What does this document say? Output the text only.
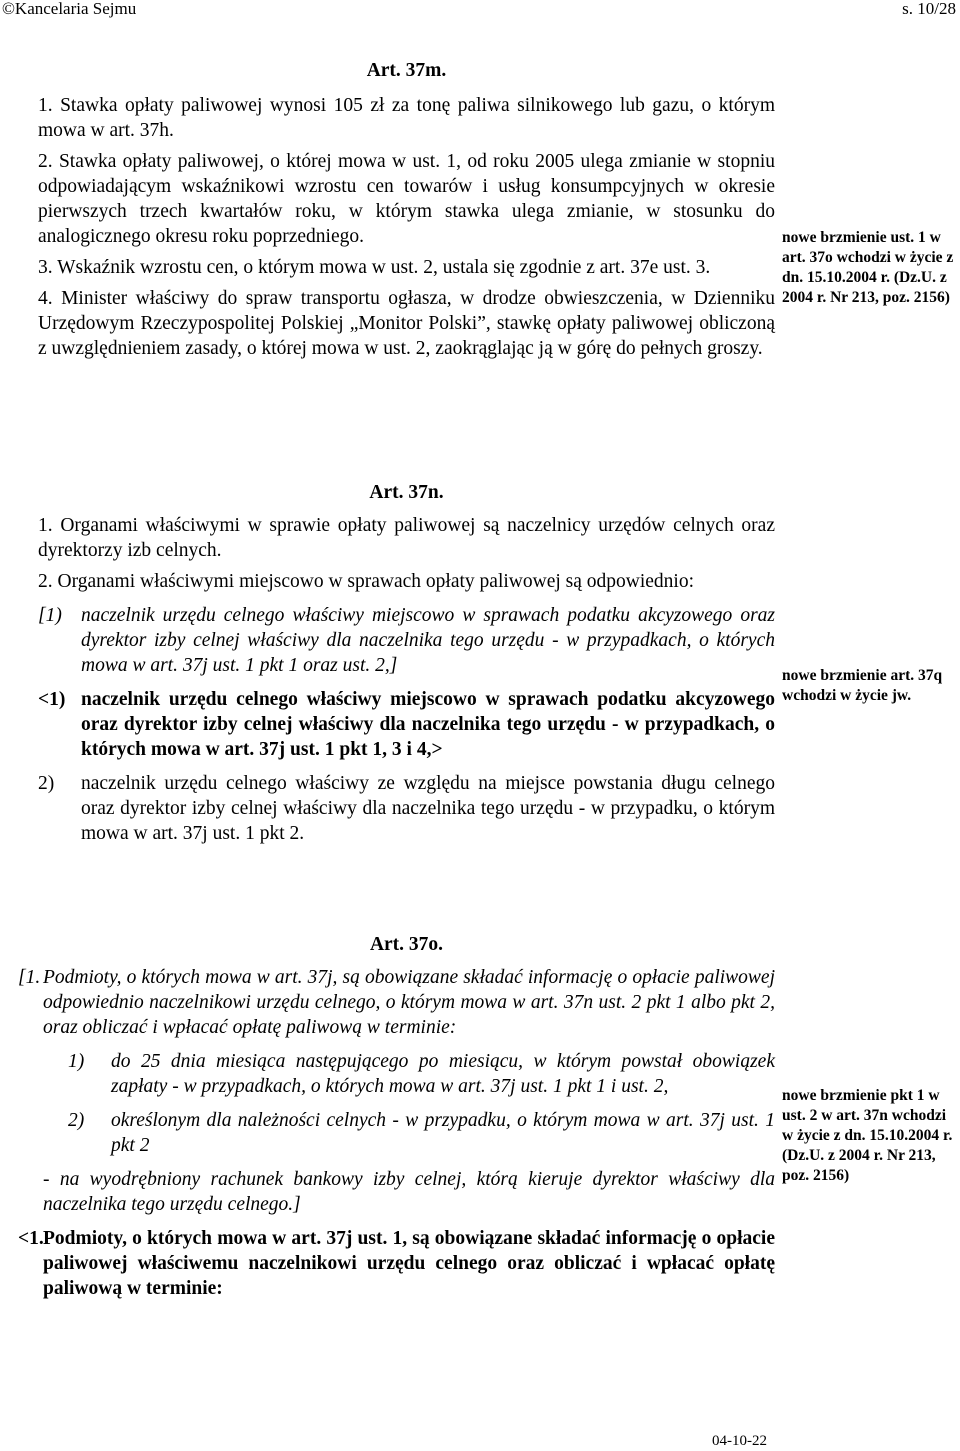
©Kancelaria Sejmu	s. 10/28
Art. 37m.

1. Stawka opłaty paliwowej wynosi 105 zł za tonę paliwa silnikowego lub gazu, o którym mowa w art. 37h.

2. Stawka opłaty paliwowej, o której mowa w ust. 1, od roku 2005 ulega zmianie w stopniu odpowiadającym wskaźnikowi wzrostu cen towarów i usług konsumpcyjnych w okresie pierwszych trzech kwartałów roku, w którym stawka ulega zmianie, w stosunku do analogicznego okresu roku poprzedniego.

3. Wskaźnik wzrostu cen, o którym mowa w ust. 2, ustala się zgodnie z art. 37e ust. 3.

4. Minister właściwy do spraw transportu ogłasza, w drodze obwieszczenia, w Dzienniku Urzędowym Rzeczypospolitej Polskiej „Monitor Polski”, stawkę opłaty paliwowej obliczoną z uwzględnieniem zasady, o której mowa w ust. 2, zaokrąglając ją w górę do pełnych groszy.

nowe brzmienie ust. 1 w art. 37o wchodzi w życie z dn. 15.10.2004 r. (Dz.U. z 2004 r. Nr 213, poz. 2156)
Art. 37n.

1. Organami właściwymi w sprawie opłaty paliwowej są naczelnicy urzędów celnych oraz dyrektorzy izb celnych.

2. Organami właściwymi miejscowo w sprawach opłaty paliwowej są odpowiednio:

[1) naczelnik urzędu celnego właściwy miejscowo w sprawach podatku akcyzowego oraz dyrektor izby celnej właściwy dla naczelnika tego urzędu - w przypadkach, o których mowa w art. 37j ust. 1 pkt 1 oraz ust. 2,]
<1) naczelnik urzędu celnego właściwy miejscowo w sprawach podatku akcyzowego oraz dyrektor izby celnej właściwy dla naczelnika tego urzędu - w przypadkach, o których mowa w art. 37j ust. 1 pkt 1, 3 i 4,>
2) naczelnik urzędu celnego właściwy ze względu na miejsce powstania długu celnego oraz dyrektor izby celnej właściwy dla naczelnika tego urzędu - w przypadku, o którym mowa w art. 37j ust. 1 pkt 2.
nowe brzmienie art. 37q wchodzi w życie jw.
Art. 37o.
[1. Podmioty, o których mowa w art. 37j, są obowiązane składać informację o opłacie paliwowej odpowiednio naczelnikowi urzędu celnego, o którym mowa w art. 37n ust. 2 pkt 1 albo pkt 2, oraz obliczać i wpłacać opłatę paliwową w terminie:
1)	do 25 dnia miesiąca następującego po miesiącu, w którym powstał obowiązek zapłaty - w przypadkach, o których mowa w art. 37j ust. 1 pkt 1 i ust. 2,
2)	określonym dla należności celnych - w przypadku, o którym mowa w art. 37j ust. 1 pkt 2

- na wyodrębniony rachunek bankowy izby celnej, którą kieruje dyrektor właściwy dla naczelnika tego urzędu celnego.]

<1. Podmioty, o których mowa w art. 37j ust. 1, są obowiązane składać informację o opłacie paliwowej właściwemu naczelnikowi urzędu celnego oraz obliczać i wpłacać opłatę paliwową w terminie:
nowe brzmienie pkt 1 w ust. 2 w art. 37n wchodzi w życie z dn. 15.10.2004 r. (Dz.U. z 2004 r. Nr 213, poz. 2156)
04-10-22
